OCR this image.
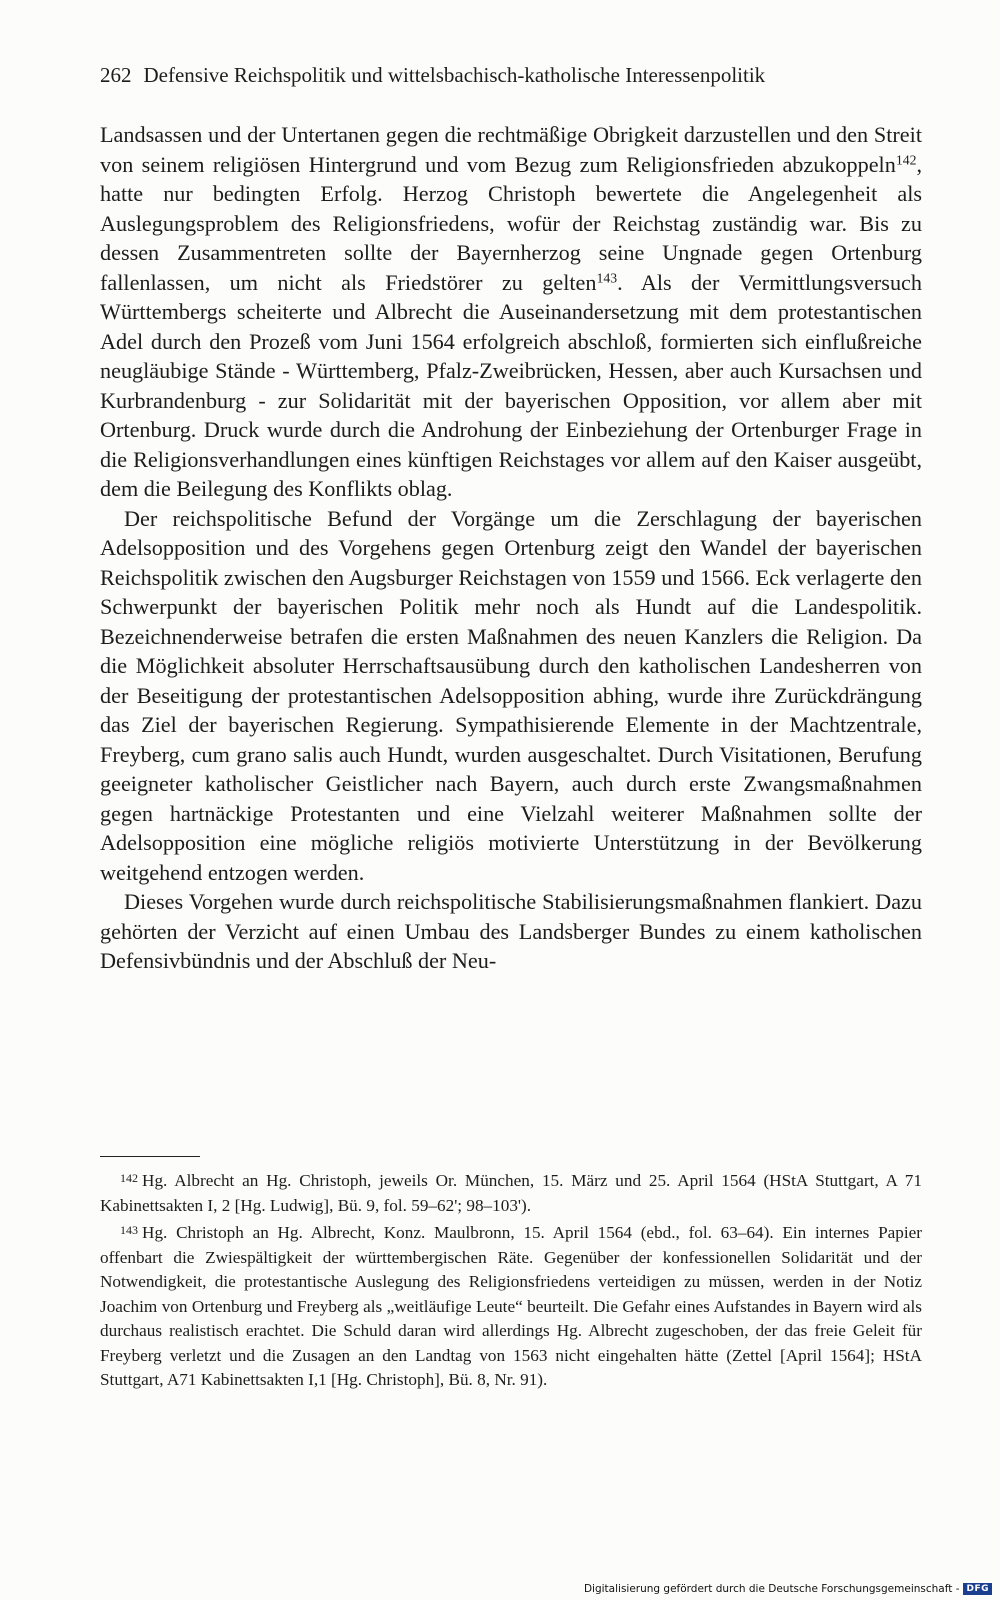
262 Defensive Reichspolitik und wittelsbachisch-katholische Interessenpolitik

Landsassen und der Untertanen gegen die rechtmäßige Obrigkeit darzustellen und den Streit von seinem religiösen Hintergrund und vom Bezug zum Religionsfrieden abzukoppeln$^{142}$, hatte nur bedingten Erfolg. Herzog Christoph bewertete die Angelegenheit als Auslegungsproblem des Religionsfriedens, wofür der Reichstag zuständig war. Bis zu dessen Zusammentreten sollte der Bayernherzog seine Ungnade gegen Ortenburg fallenlassen, um nicht als Friedstörer zu gelten$^{143}$. Als der Vermittlungsversuch Württembergs scheiterte und Albrecht die Auseinandersetzung mit dem protestantischen Adel durch den Prozeß vom Juni 1564 erfolgreich abschloß, formierten sich einflußreiche neugläubige Stände - Württemberg, Pfalz-Zweibrücken, Hessen, aber auch Kursachsen und Kurbrandenburg - zur Solidarität mit der bayerischen Opposition, vor allem aber mit Ortenburg. Druck wurde durch die Androhung der Einbeziehung der Ortenburger Frage in die Religionsverhandlungen eines künftigen Reichstages vor allem auf den Kaiser ausgeübt, dem die Beilegung des Konflikts oblag.

Der reichspolitische Befund der Vorgänge um die Zerschlagung der bayerischen Adelsopposition und des Vorgehens gegen Ortenburg zeigt den Wandel der bayerischen Reichspolitik zwischen den Augsburger Reichstagen von 1559 und 1566. Eck verlagerte den Schwerpunkt der bayerischen Politik mehr noch als Hundt auf die Landespolitik. Bezeichnenderweise betrafen die ersten Maßnahmen des neuen Kanzlers die Religion. Da die Möglichkeit absoluter Herrschaftsausübung durch den katholischen Landesherren von der Beseitigung der protestantischen Adelsopposition abhing, wurde ihre Zurückdrängung das Ziel der bayerischen Regierung. Sympathisierende Elemente in der Machtzentrale, Freyberg, cum grano salis auch Hundt, wurden ausgeschaltet. Durch Visitationen, Berufung geeigneter katholischer Geistlicher nach Bayern, auch durch erste Zwangsmaßnahmen gegen hartnäckige Protestanten und eine Vielzahl weiterer Maßnahmen sollte der Adelsopposition eine mögliche religiös motivierte Unterstützung in der Bevölkerung weitgehend entzogen werden.

Dieses Vorgehen wurde durch reichspolitische Stabilisierungsmaßnahmen flankiert. Dazu gehörten der Verzicht auf einen Umbau des Landsberger Bundes zu einem katholischen Defensivbündnis und der Abschluß der Neu-

$^{142}$ Hg. Albrecht an Hg. Christoph, jeweils Or. München, 15. März und 25. April 1564 (HStA Stuttgart, A 71 Kabinettsakten I, 2 [Hg. Ludwig], Bü. 9, fol. 59–62'; 98–103').

$^{143}$ Hg. Christoph an Hg. Albrecht, Konz. Maulbronn, 15. April 1564 (ebd., fol. 63–64). Ein internes Papier offenbart die Zwiespältigkeit der württembergischen Räte. Gegenüber der konfessionellen Solidarität und der Notwendigkeit, die protestantische Auslegung des Religionsfriedens verteidigen zu müssen, werden in der Notiz Joachim von Ortenburg und Freyberg als „weitläufige Leute“ beurteilt. Die Gefahr eines Aufstandes in Bayern wird als durchaus realistisch erachtet. Die Schuld daran wird allerdings Hg. Albrecht zugeschoben, der das freie Geleit für Freyberg verletzt und die Zusagen an den Landtag von 1563 nicht eingehalten hätte (Zettel [April 1564]; HStA Stuttgart, A71 Kabinettsakten I,1 [Hg. Christoph], Bü. 8, Nr. 91).

Digitalisierung gefördert durch die Deutsche Forschungsgemeinschaft - DFG
